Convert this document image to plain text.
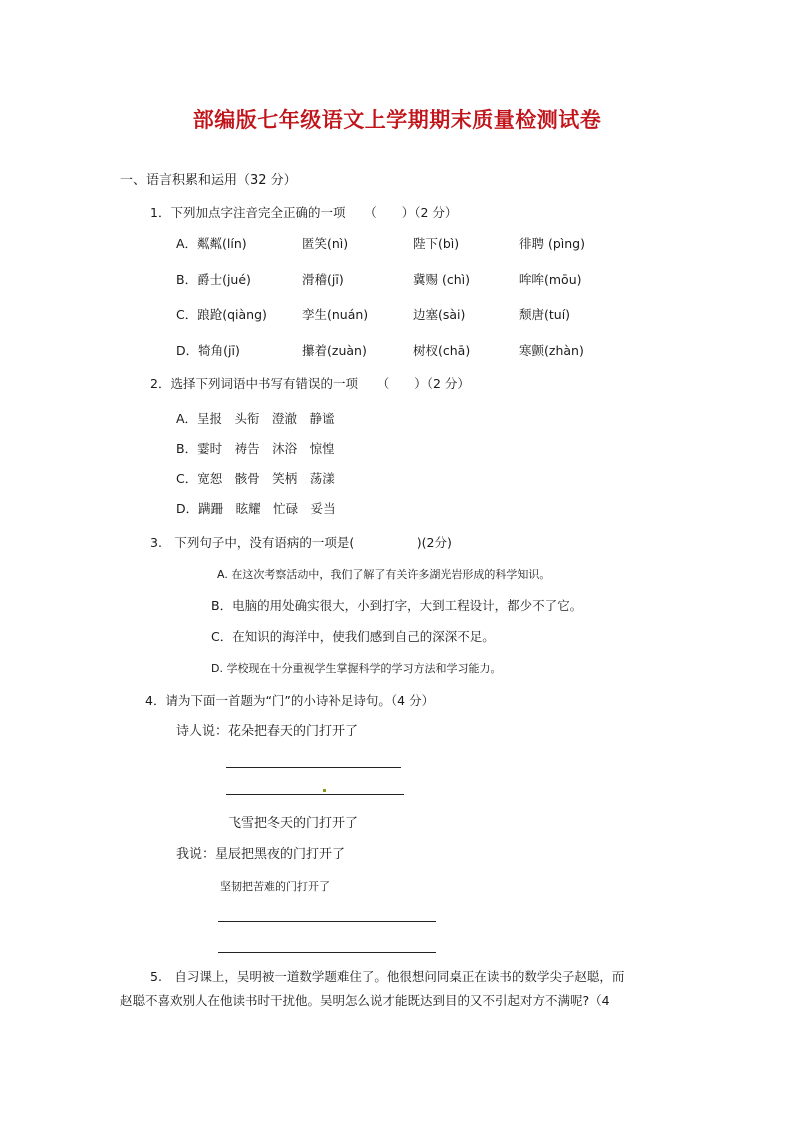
部编版七年级语文上学期期末质量检测试卷
一、语言积累和运用（32 分）
1．下列加点字注音完全正确的一项　　（　　）（2 分）
A．粼粼(lín)	匿笑(nì)	陛下(bì)	徘聘 (pìng)
B．爵士(jué)	滑稽(jī)	冀赐 (chì)	哞哞(mōu)
C．踉跄(qiàng)	孪生(nuán)	边塞(sài)	颓唐(tuí)
D．犄角(jī)	攥着(zuàn)	树杈(chā)	寒颤(zhàn)
2．选择下列词语中书写有错误的一项　　（　　）（2 分）
A．呈报　头衔　澄澈　静谧
B．霎时　祷告　沐浴　惊惶
C．宽恕　骸骨　笑柄　荡漾
D．蹒跚　眩耀　忙碌　妥当
3.　下列句子中，没有语病的一项是(　　　　　)(2分)
A. 在这次考察活动中，我们了解了有关许多湖光岩形成的科学知识。
B．电脑的用处确实很大，小到打字，大到工程设计，都少不了它。
C．在知识的海洋中，使我们感到自己的深深不足。
D. 学校现在十分重视学生掌握科学的学习方法和学习能力。
4．请为下面一首题为“门”的小诗补足诗句。（4 分）
诗人说：花朵把春天的门打开了
飞雪把冬天的门打开了
我说：星辰把黑夜的门打开了
坚韧把苦难的门打开了
5.　自习课上，吴明被一道数学题难住了。他很想问同桌正在读书的数学尖子赵聪，而
赵聪不喜欢别人在他读书时干扰他。吴明怎么说才能既达到目的又不引起对方不满呢?（4
